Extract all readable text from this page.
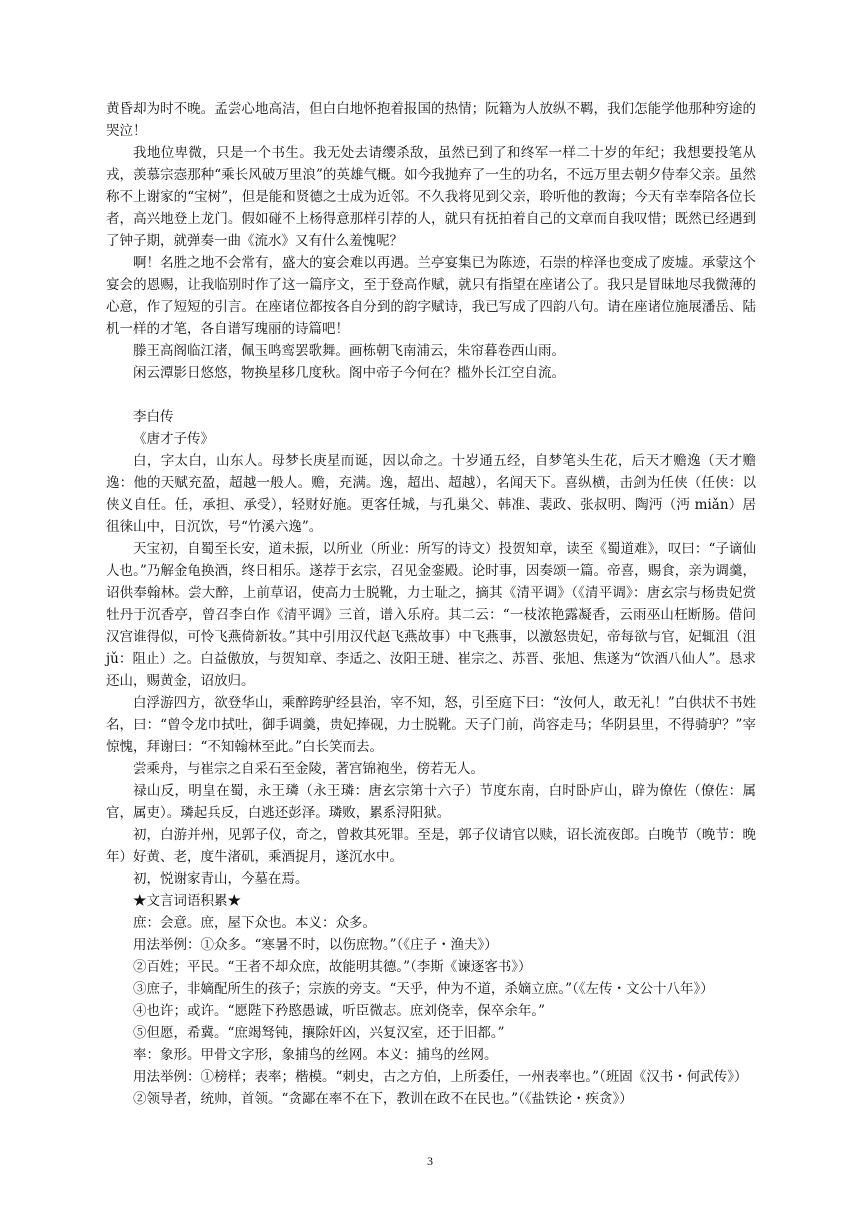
黄昏却为时不晚。孟尝心地高洁，但白白地怀抱着报国的热情；阮籍为人放纵不羁，我们怎能学他那种穷途的哭泣！

我地位卑微，只是一个书生。我无处去请缨杀敌，虽然已到了和终军一样二十岁的年纪；我想要投笔从戎，羡慕宗悫那种“乘长风破万里浪”的英雄气概。如今我抛弃了一生的功名，不远万里去朝夕侍奉父亲。虽然称不上谢家的“宝树”，但是能和贤德之士成为近邻。不久我将见到父亲，聆听他的教诲；今天有幸奉陪各位长者，高兴地登上龙门。假如碰不上杨得意那样引荐的人，就只有抚拍着自己的文章而自我叹惜；既然已经遇到了钟子期，就弹奏一曲《流水》又有什么羞愧呢？

啊！名胜之地不会常有，盛大的宴会难以再遇。兰亭宴集已为陈迹，石崇的梓泽也变成了废墟。承蒙这个宴会的恩赐，让我临别时作了这一篇序文，至于登高作赋，就只有指望在座诸公了。我只是冒昧地尽我微薄的心意，作了短短的引言。在座诸位都按各自分到的韵字赋诗，我已写成了四韵八句。请在座诸位施展潘岳、陆机一样的才笔，各自谱写瑰丽的诗篇吧！

滕王高阁临江渚，佩玉鸣鸾罢歌舞。画栋朝飞南浦云，朱帘暮卷西山雨。

闲云潭影日悠悠，物换星移几度秋。阁中帝子今何在？槛外长江空自流。

李白传

《唐才子传》

白，字太白，山东人。母梦长庚星而诞，因以命之。十岁通五经，自梦笔头生花，后天才赡逸（天才赡逸：他的天赋充盈，超越一般人。赡，充满。逸，超出、超越），名闻天下。喜纵横，击剑为任侠（任侠：以侠义自任。任，承担、承受），轻财好施。更客任城，与孔巢父、韩准、裴政、张叔明、陶沔（沔 miǎn）居徂徕山中，日沉饮，号“竹溪六逸”。

天宝初，自蜀至长安，道未振，以所业（所业：所写的诗文）投贺知章，读至《蜀道难》，叹曰：“子谪仙人也。”乃解金龟换酒，终日相乐。遂荐于玄宗，召见金銮殿。论时事，因奏颂一篇。帝喜，赐食，亲为调羹，诏供奉翰林。尝大醉，上前草诏，使高力士脱靴，力士耻之，摘其《清平调》（《清平调》：唐玄宗与杨贵妃赏牡丹于沉香亭，曾召李白作《清平调》三首，谱入乐府。其二云：“一枝浓艳露凝香，云雨巫山枉断肠。借问汉宫谁得似，可怜飞燕倚新妆。”其中引用汉代赵飞燕故事）中飞燕事，以激怒贵妃，帝每欲与官，妃辄沮（沮 jǔ：阻止）之。白益傲放，与贺知章、李适之、汝阳王琎、崔宗之、苏晋、张旭、焦遂为“饮酒八仙人”。恳求还山，赐黄金，诏放归。

白浮游四方，欲登华山，乘醉跨驴经县治，宰不知，怒，引至庭下曰：“汝何人，敢无礼！”白供状不书姓名，曰：“曾令龙巾拭吐，御手调羹，贵妃捧砚，力士脱靴。天子门前，尚容走马；华阴县里，不得骑驴？”宰惊愧，拜谢曰：“不知翰林至此。”白长笑而去。

尝乘舟，与崔宗之自采石至金陵，著宫锦袍坐，傍若无人。

禄山反，明皇在蜀，永王璘（永王璘：唐玄宗第十六子）节度东南，白时卧庐山，辟为僚佐（僚佐：属官，属吏）。璘起兵反，白逃还彭泽。璘败，累系浔阳狱。

初，白游并州，见郭子仪，奇之，曾救其死罪。至是，郭子仪请官以赎，诏长流夜郎。白晚节（晚节：晚年）好黄、老，度牛渚矶，乘酒捉月，遂沉水中。

初，悦谢家青山，今墓在焉。

★文言词语积累★

庶：会意。庶，屋下众也。本义：众多。

用法举例：①众多。“寒暑不时，以伤庶物。”（《庄子・渔夫》）

②百姓；平民。“王者不却众庶，故能明其德。”（李斯《谏逐客书》）

③庶子，非嫡配所生的孩子；宗族的旁支。“天乎，仲为不道，杀嫡立庶。”（《左传・文公十八年》）

④也许；或许。“愿陛下矜愍愚诚，听臣微志。庶刘侥幸，保卒余年。”

⑤但愿，希冀。“庶竭驽钝，攘除奸凶，兴复汉室，还于旧都。”

率：象形。甲骨文字形，象捕鸟的丝网。本义：捕鸟的丝网。

用法举例：①榜样；表率；楷模。“刺史，古之方伯，上所委任，一州表率也。”（班固《汉书・何武传》）

②领导者，统帅，首领。“贪鄙在率不在下，教训在政不在民也。”（《盐铁论・疾贪》）

3
